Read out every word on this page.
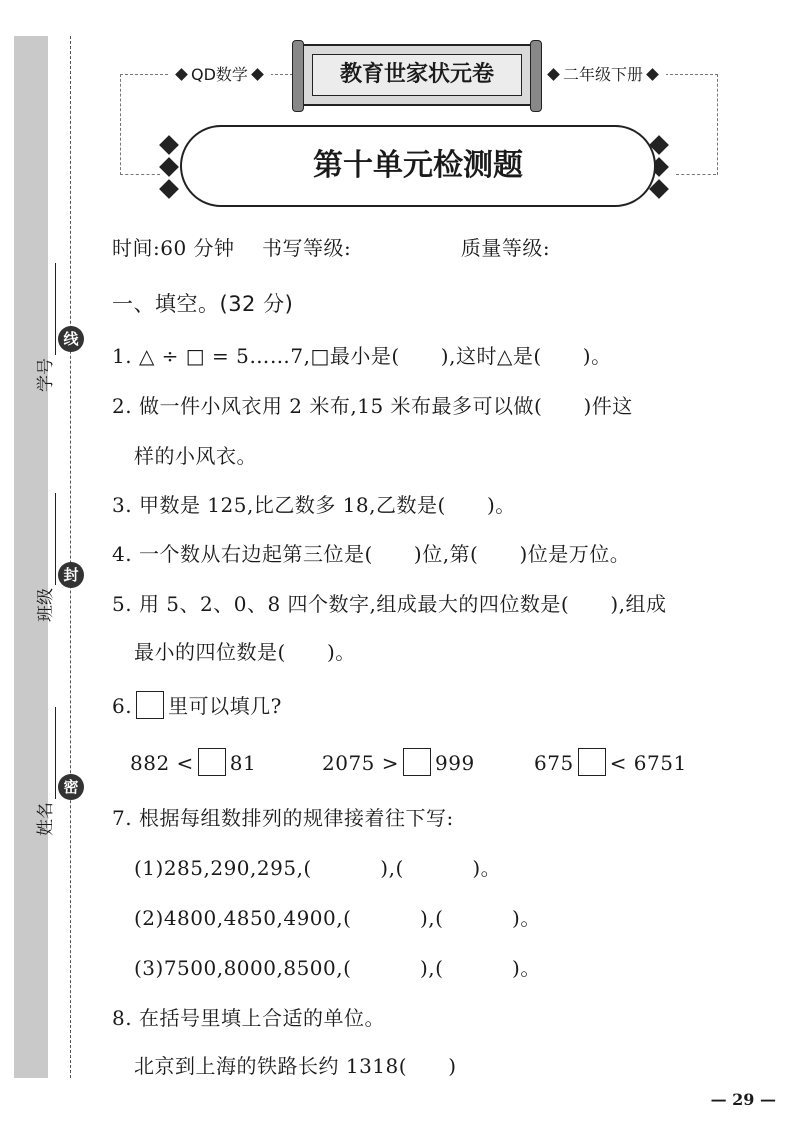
线
封
密
学号
班级
姓名
QD数学	二年级下册
教育世家状元卷
第十单元检测题
时间:60 分钟    书写等级:                质量等级:
一、填空。(32 分)
1. △ ÷ □ = 5……7,□最小是(      ),这时△是(      )。
2. 做一件小风衣用 2 米布,15 米布最多可以做(      )件这
样的小风衣。
3. 甲数是 125,比乙数多 18,乙数是(      )。
4. 一个数从右边起第三位是(      )位,第(      )位是万位。
5. 用 5、2、0、8 四个数字,组成最大的四位数是(      ),组成
最小的四位数是(      )。
6. 里可以填几?
882 < 81	2075 > 999	675 < 6751
7. 根据每组数排列的规律接着往下写:
(1)285,290,295,(          ),(          )。
(2)4800,4850,4900,(          ),(          )。
(3)7500,8000,8500,(          ),(          )。
8. 在括号里填上合适的单位。
北京到上海的铁路长约 1318(      )
— 29 —
